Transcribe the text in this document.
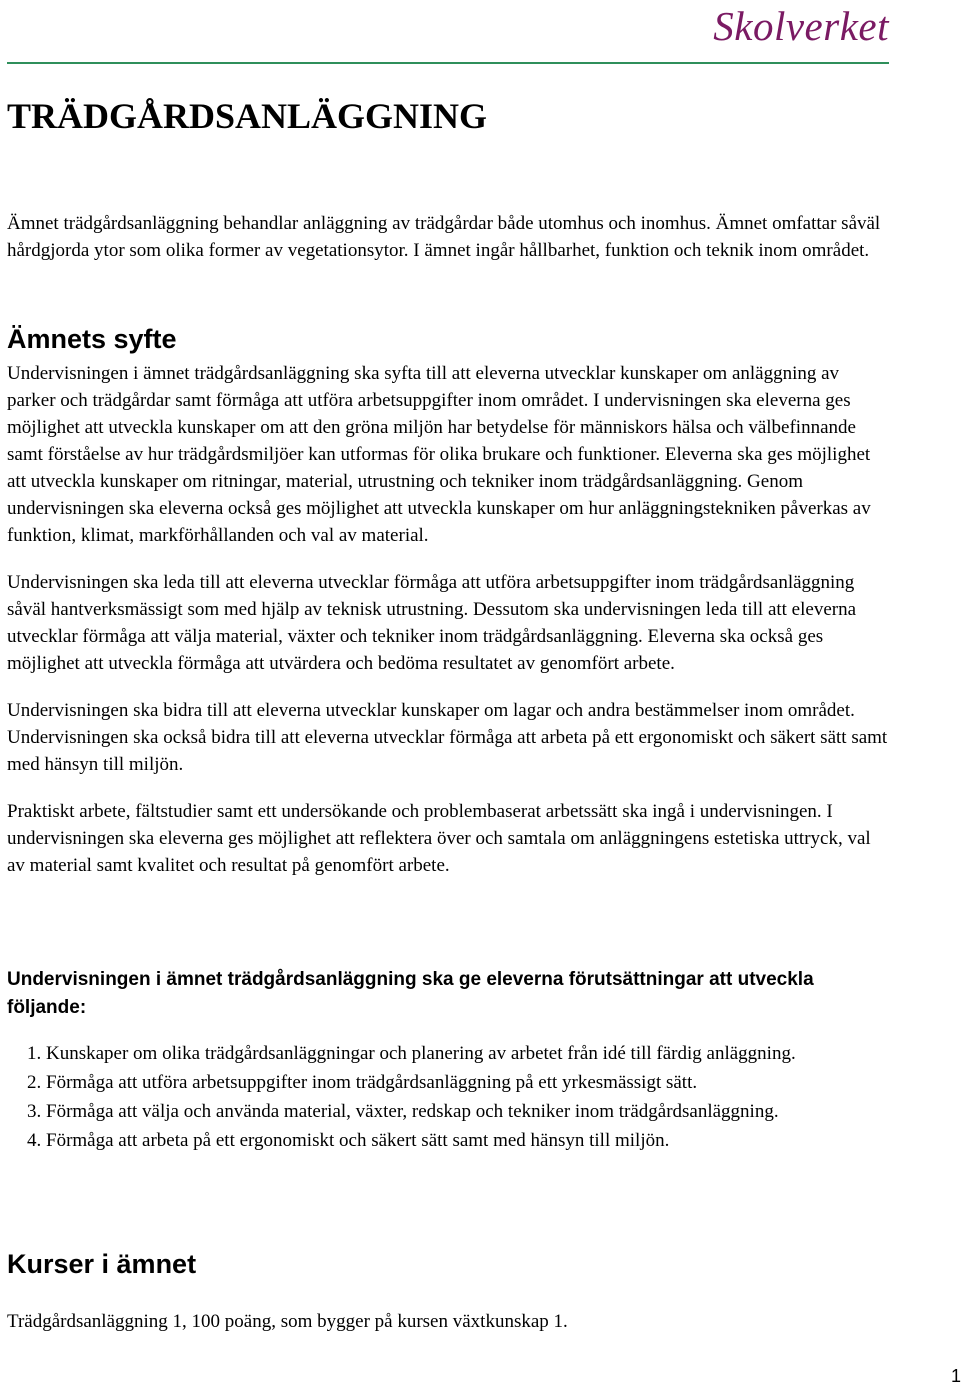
Skolverket
TRÄDGÅRDSANLÄGGNING

Ämnet trädgårdsanläggning behandlar anläggning av trädgårdar både utomhus och inomhus. Ämnet omfattar såväl hårdgjorda ytor som olika former av vegetationsytor. I ämnet ingår hållbarhet, funktion och teknik inom området.

Ämnets syfte

Undervisningen i ämnet trädgårdsanläggning ska syfta till att eleverna utvecklar kunskaper om anläggning av parker och trädgårdar samt förmåga att utföra arbetsuppgifter inom området. I undervisningen ska eleverna ges möjlighet att utveckla kunskaper om att den gröna miljön har betydelse för människors hälsa och välbefinnande samt förståelse av hur trädgårdsmiljöer kan utformas för olika brukare och funktioner. Eleverna ska ges möjlighet att utveckla kunskaper om ritningar, material, utrustning och tekniker inom trädgårdsanläggning. Genom undervisningen ska eleverna också ges möjlighet att utveckla kunskaper om hur anläggningstekniken påverkas av funktion, klimat, markförhållanden och val av material.

Undervisningen ska leda till att eleverna utvecklar förmåga att utföra arbetsuppgifter inom trädgårdsanläggning såväl hantverksmässigt som med hjälp av teknisk utrustning. Dessutom ska undervisningen leda till att eleverna utvecklar förmåga att välja material, växter och tekniker inom trädgårdsanläggning. Eleverna ska också ges möjlighet att utveckla förmåga att utvärdera och bedöma resultatet av genomfört arbete.

Undervisningen ska bidra till att eleverna utvecklar kunskaper om lagar och andra bestämmelser inom området. Undervisningen ska också bidra till att eleverna utvecklar förmåga att arbeta på ett ergonomiskt och säkert sätt samt med hänsyn till miljön.

Praktiskt arbete, fältstudier samt ett undersökande och problembaserat arbetssätt ska ingå i undervisningen. I undervisningen ska eleverna ges möjlighet att reflektera över och samtala om anläggningens estetiska uttryck, val av material samt kvalitet och resultat på genomfört arbete.

Undervisningen i ämnet trädgårdsanläggning ska ge eleverna förutsättningar att utveckla följande:
1. Kunskaper om olika trädgårdsanläggningar och planering av arbetet från idé till färdig anläggning.
2. Förmåga att utföra arbetsuppgifter inom trädgårdsanläggning på ett yrkesmässigt sätt.
3. Förmåga att välja och använda material, växter, redskap och tekniker inom trädgårdsanläggning.
4. Förmåga att arbeta på ett ergonomiskt och säkert sätt samt med hänsyn till miljön.
Kurser i ämnet

Trädgårdsanläggning 1, 100 poäng, som bygger på kursen växtkunskap 1.

1
